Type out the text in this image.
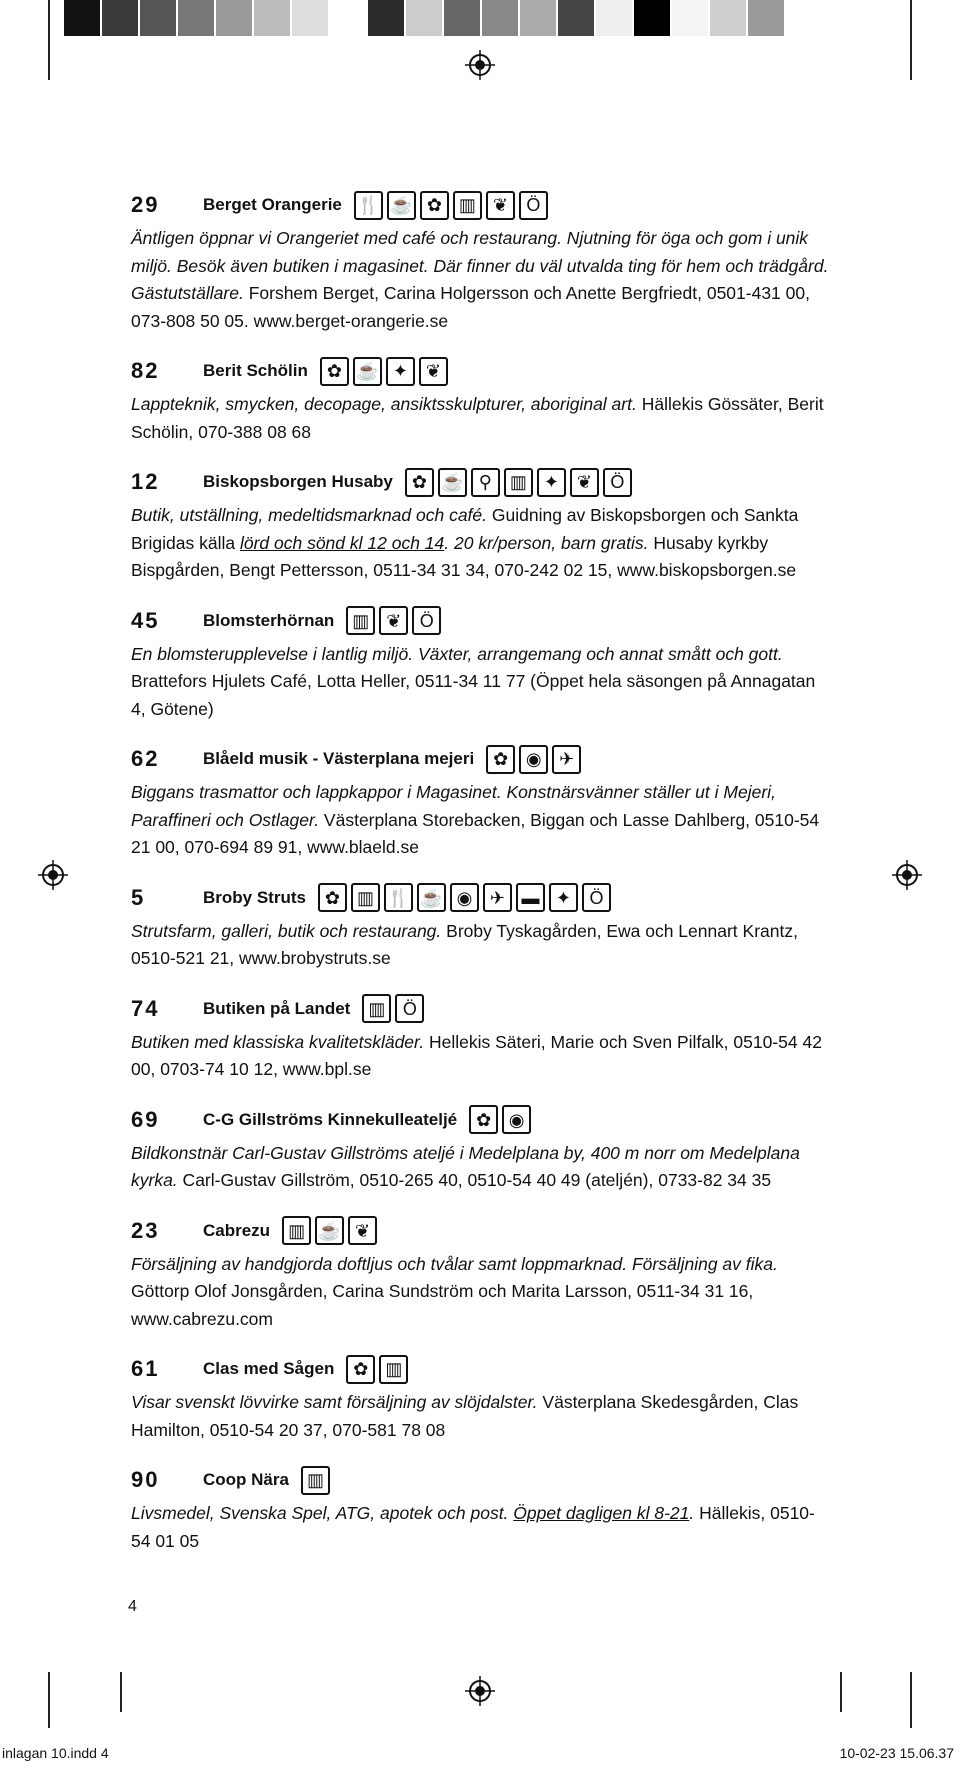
29	Berget Orangerie 🍴 ☕ ✿ ▥ ❦	Ö
Äntligen öppnar vi Orangeriet med café och restaurang. Njutning för öga och gom i unik miljö. Besök även butiken i magasinet. Där finner du väl utvalda ting för hem och trädgård. Gästutställare. Forshem Berget, Carina Holgersson och Anette Bergfriedt, 0501-431 00, 073-808 50 05. www.berget-orangerie.se
82	Berit Schölin	✿ ☕ ✦ ❦
Lappteknik, smycken, decopage, ansiktsskulpturer, aboriginal art. Hällekis Gössäter, Berit Schölin, 070-388 08 68
12	Biskopsborgen Husaby	✿ ☕ ⚲ ▥ ✦ ❦	Ö
Butik, utställning, medeltidsmarknad och café. Guidning av Biskopsborgen och Sankta Brigidas källa lörd och sönd kl 12 och 14. 20 kr/person, barn gratis. Husaby kyrkby Bispgården, Bengt Pettersson, 0511-34 31 34, 070-242 02 15, www.biskopsborgen.se
45	Blomsterhörnan ▥ ❦	Ö
En blomsterupplevelse i lantlig miljö. Växter, arrangemang och annat smått och gott. Brattefors Hjulets Café, Lotta Heller, 0511-34 11 77 (Öppet hela säsongen på Annagatan 4, Götene)
62	Blåeld musik - Västerplana mejeri	✿ ◉ ✈
Biggans trasmattor och lappkappor i Magasinet. Konstnärsvänner ställer ut i Mejeri, Paraffineri och Ostlager. Västerplana Storebacken, Biggan och Lasse Dahlberg, 0510-54 21 00, 070-694 89 91, www.blaeld.se
5	Broby Struts	✿ ▥ 🍴 ☕ ◉ ✈ ▬ ✦	Ö
Strutsfarm, galleri, butik och restaurang. Broby Tyskagården, Ewa och Lennart Krantz, 0510-521 21, www.brobystruts.se
74	Butiken på Landet ▥ Ö
Butiken med klassiska kvalitetskläder. Hellekis Säteri, Marie och Sven Pilfalk, 0510-54 42 00, 0703-74 10 12, www.bpl.se
69	C-G Gillströms Kinnekulleateljé	✿ ◉
Bildkonstnär Carl-Gustav Gillströms ateljé i Medelplana by, 400 m norr om Medelplana kyrka. Carl-Gustav Gillström, 0510-265 40, 0510-54 40 49 (ateljén), 0733-82 34 35
23	Cabrezu ▥ ☕ ❦
Försäljning av handgjorda doftljus och tvålar samt loppmarknad. Försäljning av fika. Göttorp Olof Jonsgården, Carina Sundström och Marita Larsson, 0511-34 31 16, www.cabrezu.com
61	Clas med Sågen	✿ ▥
Visar svenskt lövvirke samt försäljning av slöjdalster. Västerplana Skedesgården, Clas Hamilton, 0510-54 20 37, 070-581 78 08
90	Coop Nära ▥
Livsmedel, Svenska Spel, ATG, apotek och post. Öppet dagligen kl 8-21. Hällekis, 0510-54 01 05
4
inlagan 10.indd 4	10-02-23 15.06.37
